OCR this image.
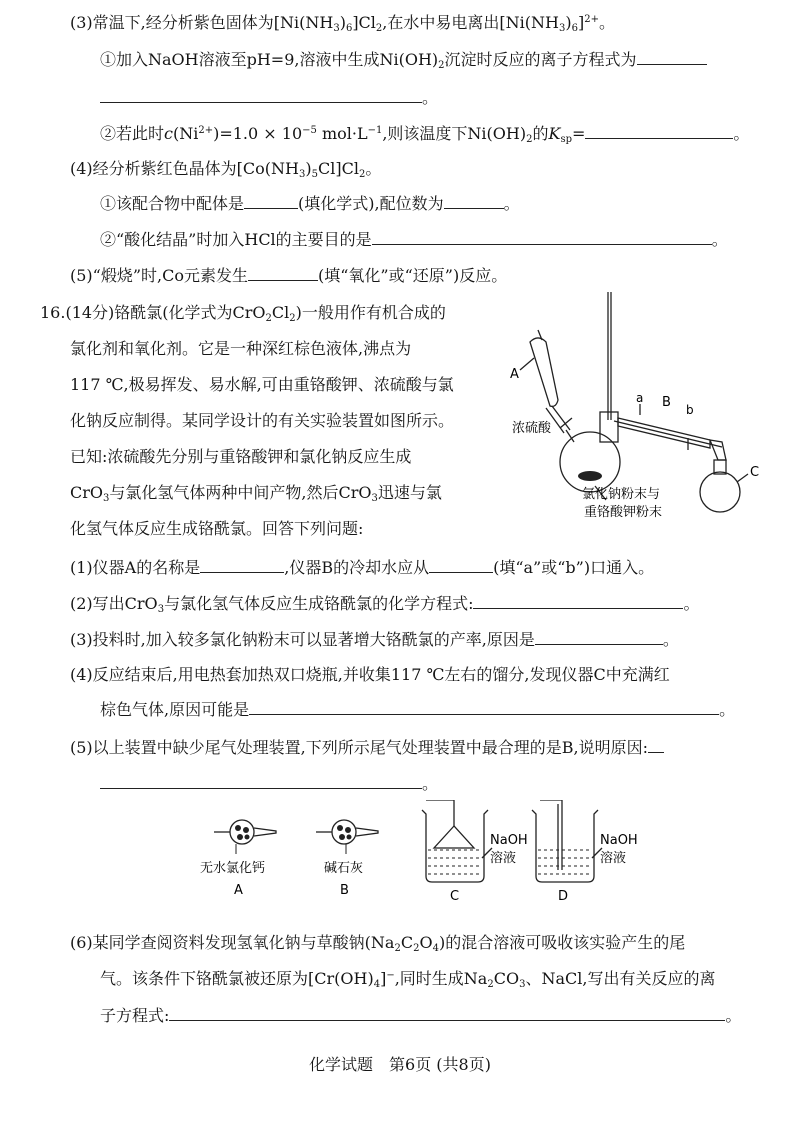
(3)常温下,经分析紫色固体为$[Ni(NH_3)_6]Cl_2$,在水中易电离出$[Ni(NH_3)_6]^{2+}$。
①加入NaOH溶液至pH=9,溶液中生成$Ni(OH)_2$沉淀时反应的离子方程式为
。
②若此时$c(Ni^{2+})=1.0 \times 10^{-5}$ $mol\cdot L^{-1}$,则该温度下$Ni(OH)_2$的$K_{sp}=$	。
(4)经分析紫红色晶体为$[Co(NH_3)_5Cl]Cl_2$。
①该配合物中配体是	(填化学式),配位数为	。
②“酸化结晶”时加入HCl的主要目的是	。
(5)“煅烧”时,Co元素发生	(填“氧化”或“还原”)反应。
16.(14分)铬酰氯(化学式为$CrO_2Cl_2$)一般用作有机合成的
氯化剂和氧化剂。它是一种深红棕色液体,沸点为
117 ℃,极易挥发、易水解,可由重铬酸钾、浓硫酸与氯
化钠反应制得。某同学设计的有关实验装置如图所示。
已知:浓硫酸先分别与重铬酸钾和氯化钠反应生成
CrO$_3$与氯化氢气体两种中间产物,然后CrO$_3$迅速与氯
化氢气体反应生成铬酰氯。回答下列问题:
A
浓硫酸
a B b
C
氯化钠粉末与
重铬酸钾粉末
(1)仪器A的名称是	,仪器B的冷却水应从	(填“a”或“b”)口通入。
(2)写出CrO$_3$与氯化氢气体反应生成铬酰氯的化学方程式:	。
(3)投料时,加入较多氯化钠粉末可以显著增大铬酰氯的产率,原因是	。
(4)反应结束后,用电热套加热双口烧瓶,并收集117 ℃左右的馏分,发现仪器C中充满红
棕色气体,原因可能是	。
(5)以上装置中缺少尾气处理装置,下列所示尾气处理装置中最合理的是B,说明原因:
。
无水氯化钙
A
碱石灰
B
NaOH
溶液
C
NaOH
溶液
D
(6)某同学查阅资料发现氢氧化钠与草酸钠$(Na_2C_2O_4)$的混合溶液可吸收该实验产生的尾
气。该条件下铬酰氯被还原为$[Cr(OH)_4]^-$,同时生成$Na_2CO_3$、NaCl,写出有关反应的离
子方程式:	。
化学试题　第6页 (共8页)
